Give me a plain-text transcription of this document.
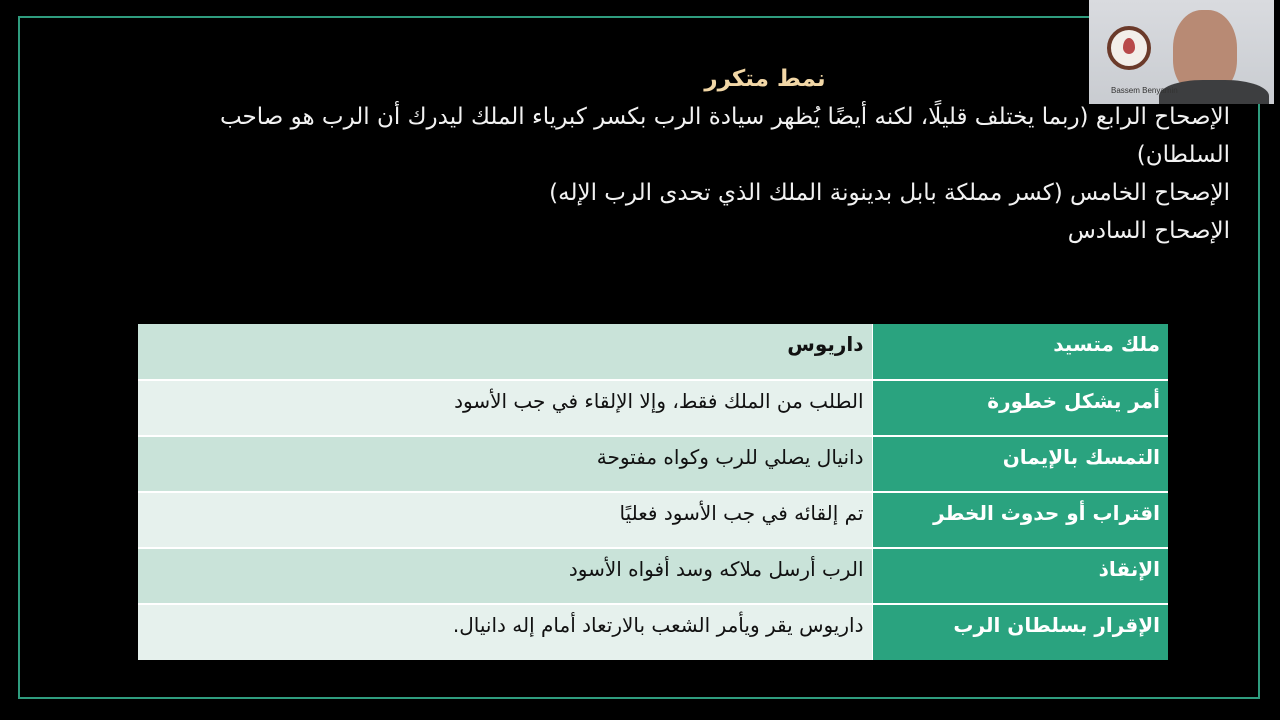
نمط متكرر

الإصحاح الرابع (ربما يختلف قليلًا، لكنه أيضًا يُظهر سيادة الرب بكسر كبرياء الملك ليدرك أن الرب هو صاحب السلطان)

الإصحاح الخامس (كسر مملكة بابل بدينونة الملك الذي تحدى الرب الإله)

الإصحاح السادس

ملك متسيد	داريوس
أمر يشكل خطورة	الطلب من الملك فقط، وإلا الإلقاء في جب الأسود
التمسك بالإيمان	دانيال يصلي للرب وكواه مفتوحة
اقتراب أو حدوث الخطر	تم إلقائه في جب الأسود فعليًا
الإنقاذ	الرب أرسل ملاكه وسد أفواه الأسود
الإقرار بسلطان الرب	داريوس يقر ويأمر الشعب بالارتعاد أمام إله دانيال.
Bassem Benyamin
